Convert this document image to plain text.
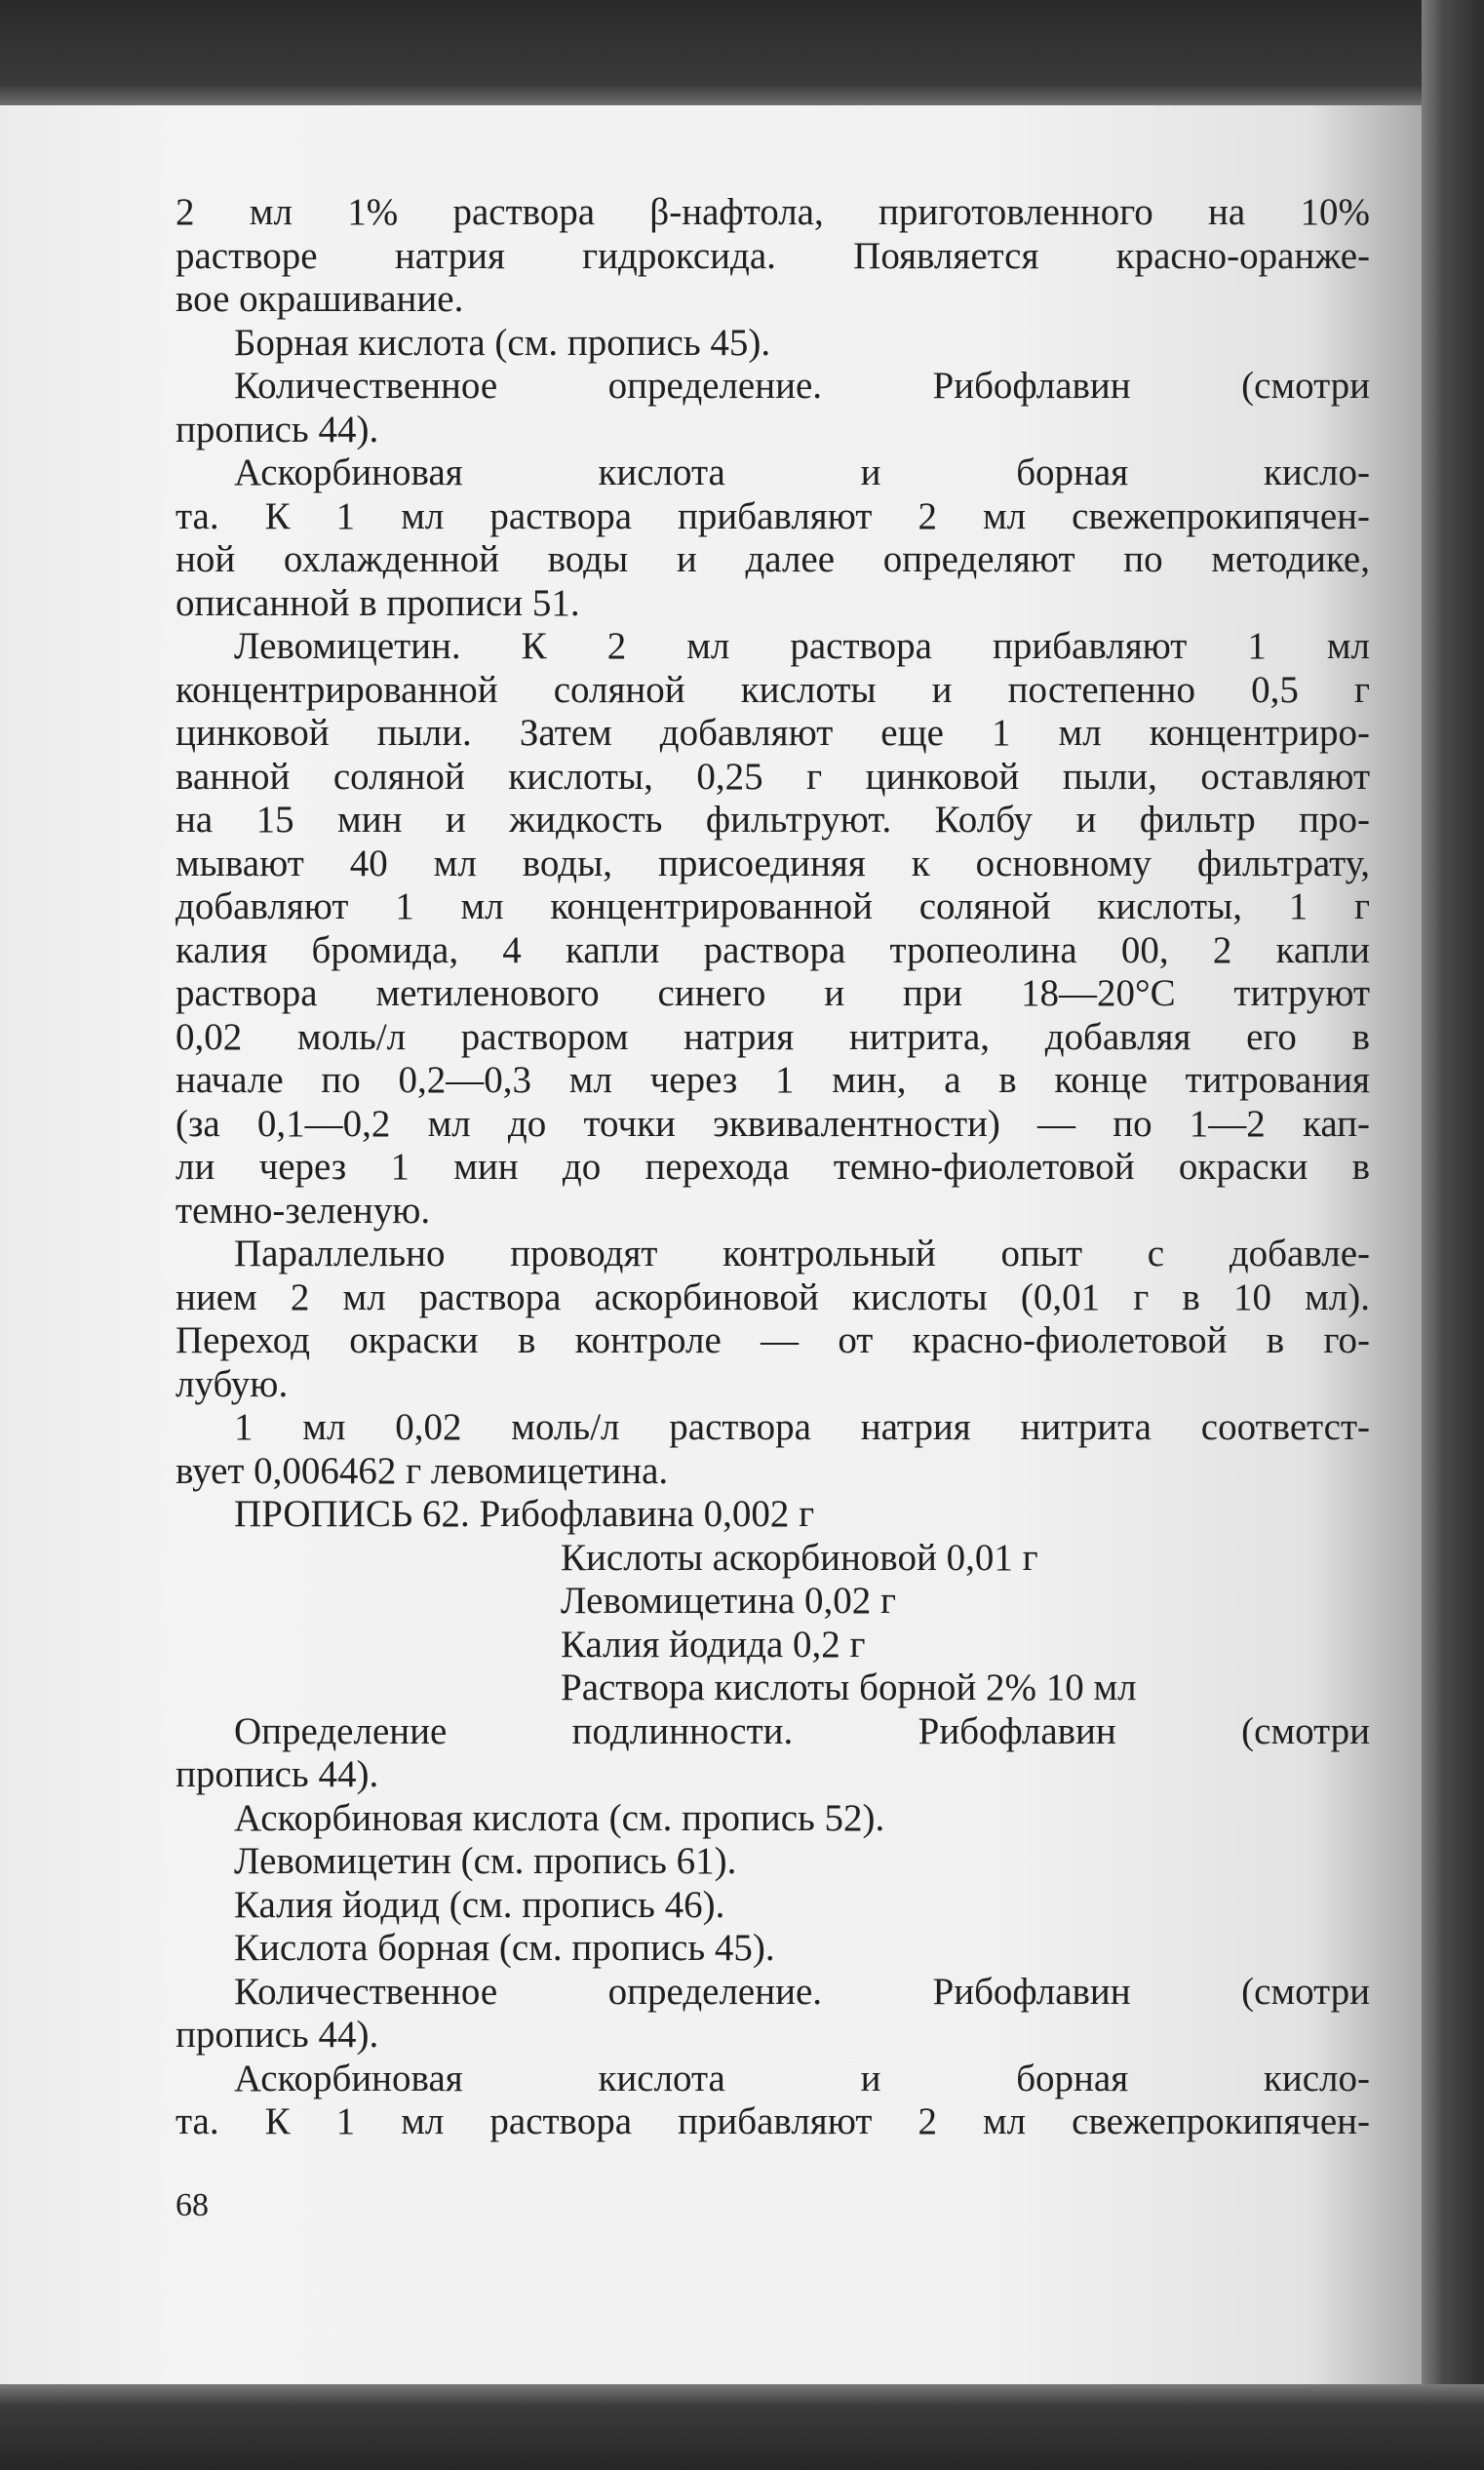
2 мл 1% раствора β-нафтола, приготовленного на 10%
растворе натрия гидроксида. Появляется красно-оранже-
вое окрашивание.
Борная кислота (см. пропись 45).
Количественное определение. Рибофлавин (смотри
пропись 44).
Аскорбиновая кислота и борная кисло-
та. К 1 мл раствора прибавляют 2 мл свежепрокипячен-
ной охлажденной воды и далее определяют по методике,
описанной в прописи 51.
Левомицетин. К 2 мл раствора прибавляют 1 мл
концентрированной соляной кислоты и постепенно 0,5 г
цинковой пыли. Затем добавляют еще 1 мл концентриро-
ванной соляной кислоты, 0,25 г цинковой пыли, оставляют
на 15 мин и жидкость фильтруют. Колбу и фильтр про-
мывают 40 мл воды, присоединяя к основному фильтрату,
добавляют 1 мл концентрированной соляной кислоты, 1 г
калия бромида, 4 капли раствора тропеолина 00, 2 капли
раствора метиленового синего и при 18—20°C титруют
0,02 моль/л раствором натрия нитрита, добавляя его в
начале по 0,2—0,3 мл через 1 мин, а в конце титрования
(за 0,1—0,2 мл до точки эквивалентности) — по 1—2 кап-
ли через 1 мин до перехода темно-фиолетовой окраски в
темно-зеленую.
Параллельно проводят контрольный опыт с добавле-
нием 2 мл раствора аскорбиновой кислоты (0,01 г в 10 мл).
Переход окраски в контроле — от красно-фиолетовой в го-
лубую.
1 мл 0,02 моль/л раствора натрия нитрита соответст-
вует 0,006462 г левомицетина.
ПРОПИСЬ 62. Рибофлавина 0,002 г
Кислоты аскорбиновой 0,01 г
Левомицетина 0,02 г
Калия йодида 0,2 г
Раствора кислоты борной 2% 10 мл
Определение подлинности. Рибофлавин (смотри
пропись 44).
Аскорбиновая кислота (см. пропись 52).
Левомицетин (см. пропись 61).
Калия йодид (см. пропись 46).
Кислота борная (см. пропись 45).
Количественное определение. Рибофлавин (смотри
пропись 44).
Аскорбиновая кислота и борная кисло-
та. К 1 мл раствора прибавляют 2 мл свежепрокипячен-
68
